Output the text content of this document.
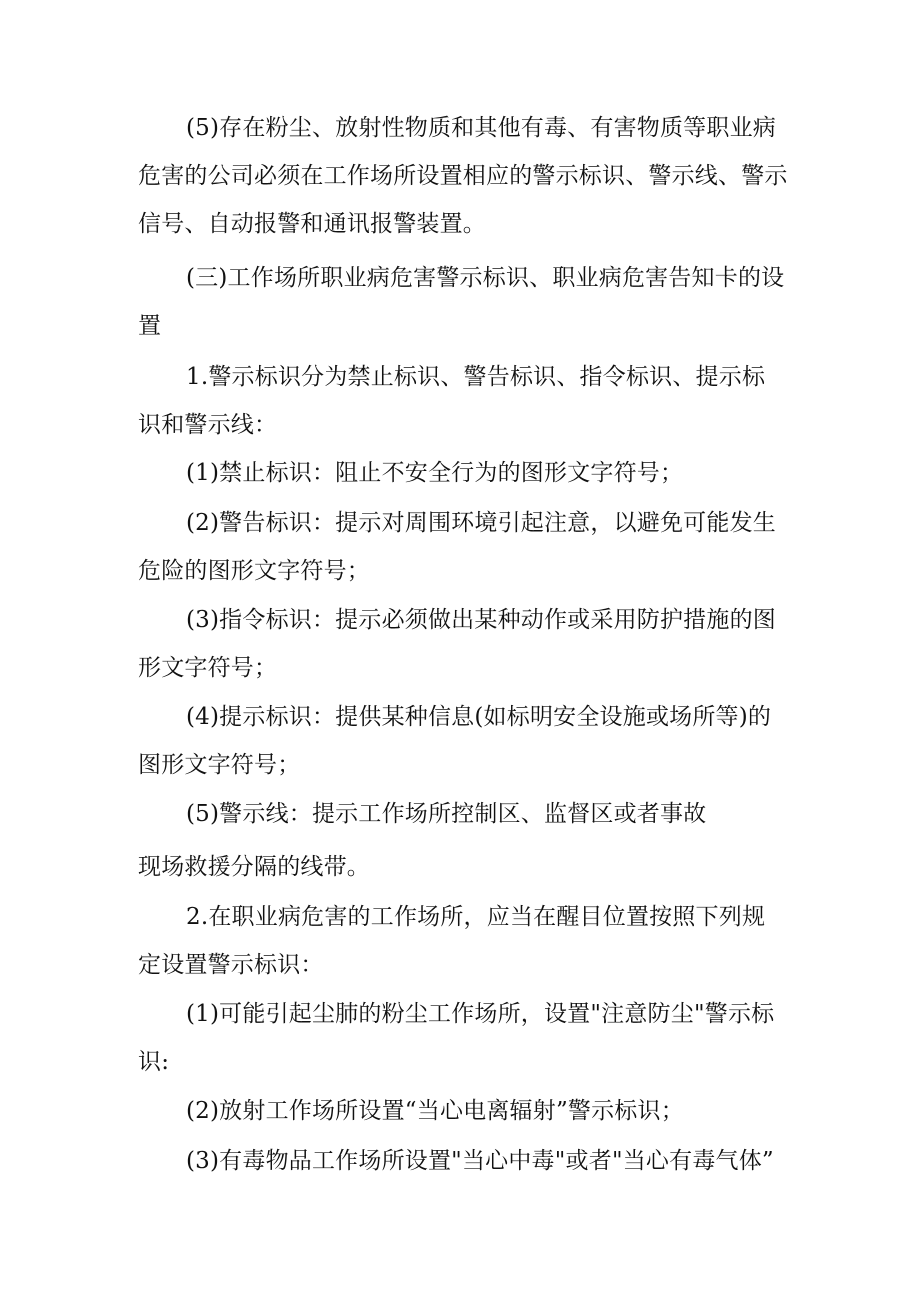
(5)存在粉尘、放射性物质和其他有毒、有害物质等职业病
危害的公司必须在工作场所设置相应的警示标识、警示线、警示
信号、自动报警和通讯报警装置。
(三)工作场所职业病危害警示标识、职业病危害告知卡的设
置
1.警示标识分为禁止标识、警告标识、指令标识、提示标
识和警示线：
(1)禁止标识：阻止不安全行为的图形文字符号；
(2)警告标识：提示对周围环境引起注意，以避免可能发生
危险的图形文字符号；
(3)指令标识：提示必须做出某种动作或采用防护措施的图
形文字符号；
(4)提示标识：提供某种信息(如标明安全设施或场所等)的
图形文字符号；
(5)警示线：提示工作场所控制区、监督区或者事故
现场救援分隔的线带。
2.在职业病危害的工作场所，应当在醒目位置按照下列规
定设置警示标识：
(1)可能引起尘肺的粉尘工作场所，设置"注意防尘"警示标
识:
(2)放射工作场所设置“当心电离辐射”警示标识；
(3)有毒物品工作场所设置"当心中毒"或者"当心有毒气体”
